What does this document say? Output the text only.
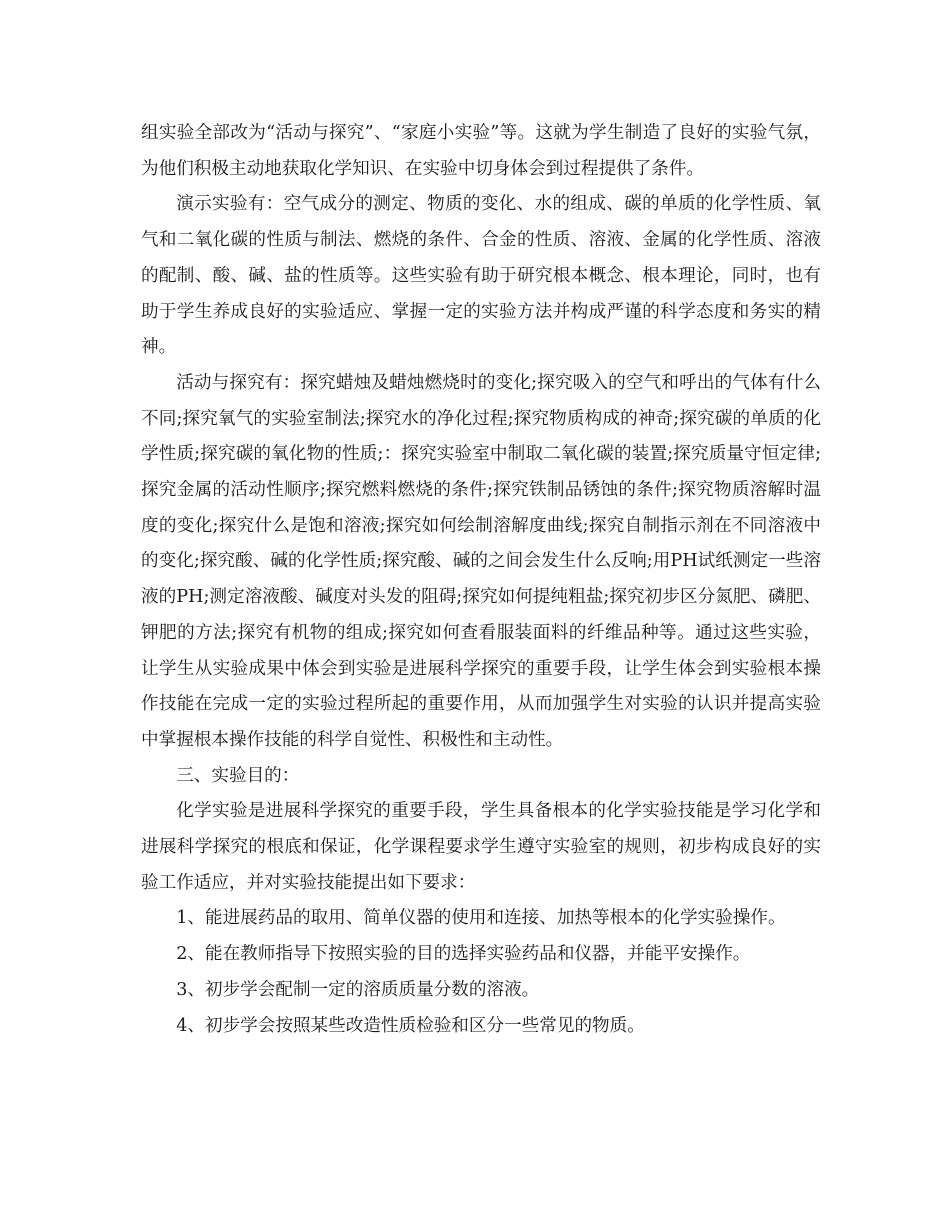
组实验全部改为“活动与探究”、“家庭小实验”等。这就为学生制造了良好的实验气氛，为他们积极主动地获取化学知识、在实验中切身体会到过程提供了条件。

演示实验有：空气成分的测定、物质的变化、水的组成、碳的单质的化学性质、氧气和二氧化碳的性质与制法、燃烧的条件、合金的性质、溶液、金属的化学性质、溶液的配制、酸、碱、盐的性质等。这些实验有助于研究根本概念、根本理论，同时，也有助于学生养成良好的实验适应、掌握一定的实验方法并构成严谨的科学态度和务实的精神。

活动与探究有：探究蜡烛及蜡烛燃烧时的变化;探究吸入的空气和呼出的气体有什么不同;探究氧气的实验室制法;探究水的净化过程;探究物质构成的神奇;探究碳的单质的化学性质;探究碳的氧化物的性质;：探究实验室中制取二氧化碳的装置;探究质量守恒定律;探究金属的活动性顺序;探究燃料燃烧的条件;探究铁制品锈蚀的条件;探究物质溶解时温度的变化;探究什么是饱和溶液;探究如何绘制溶解度曲线;探究自制指示剂在不同溶液中的变化;探究酸、碱的化学性质;探究酸、碱的之间会发生什么反响;用PH试纸测定一些溶液的PH;测定溶液酸、碱度对头发的阻碍;探究如何提纯粗盐;探究初步区分氮肥、磷肥、钾肥的方法;探究有机物的组成;探究如何查看服装面料的纤维品种等。通过这些实验，让学生从实验成果中体会到实验是进展科学探究的重要手段，让学生体会到实验根本操作技能在完成一定的实验过程所起的重要作用，从而加强学生对实验的认识并提高实验中掌握根本操作技能的科学自觉性、积极性和主动性。

三、实验目的：

化学实验是进展科学探究的重要手段，学生具备根本的化学实验技能是学习化学和进展科学探究的根底和保证，化学课程要求学生遵守实验室的规则，初步构成良好的实验工作适应，并对实验技能提出如下要求：

1、能进展药品的取用、简单仪器的使用和连接、加热等根本的化学实验操作。

2、能在教师指导下按照实验的目的选择实验药品和仪器，并能平安操作。

3、初步学会配制一定的溶质质量分数的溶液。

4、初步学会按照某些改造性质检验和区分一些常见的物质。
